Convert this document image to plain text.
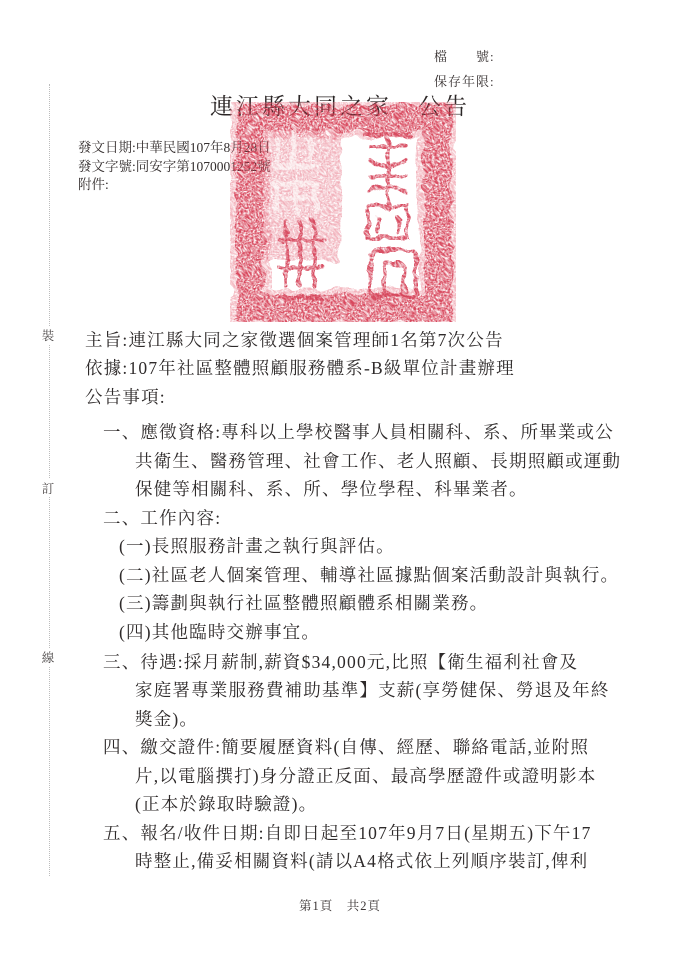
檔　　號:
保存年限:
連江縣大同之家　公告
發文日期:中華民國107年8月28日
發文字號:同安字第1070001252號
附件:
裝
訂
線
主旨:連江縣大同之家徵選個案管理師1名第7次公告
依據:107年社區整體照顧服務體系-B級單位計畫辦理
公告事項:
一、應徵資格:專科以上學校醫事人員相關科、系、所畢業或公
共衛生、醫務管理、社會工作、老人照顧、長期照顧或運動
保健等相關科、系、所、學位學程、科畢業者。
二、工作內容:
(一)長照服務計畫之執行與評估。
(二)社區老人個案管理、輔導社區據點個案活動設計與執行。
(三)籌劃與執行社區整體照顧體系相關業務。
(四)其他臨時交辦事宜。
三、待遇:採月薪制,薪資$34,000元,比照【衛生福利社會及
家庭署專業服務費補助基準】支薪(享勞健保、勞退及年終
獎金)。
四、繳交證件:簡要履歷資料(自傳、經歷、聯絡電話,並附照
片,以電腦撰打)身分證正反面、最高學歷證件或證明影本
(正本於錄取時驗證)。
五、報名/收件日期:自即日起至107年9月7日(星期五)下午17
時整止,備妥相關資料(請以A4格式依上列順序裝訂,俾利
第1頁　共2頁
